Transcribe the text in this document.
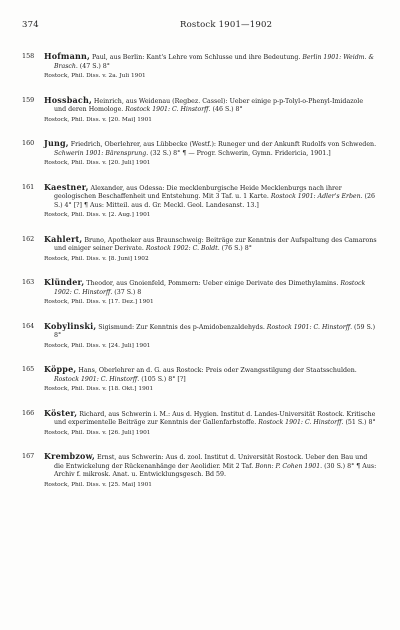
374	Rostock 1901—1902
158	Hofmann, Paul, aus Berlin: Kant's Lehre vom Schlusse und ihre Bedeutung. Berlin 1901: Weidm. & Brasch. (47 S.) 8°
Rostock, Phil. Diss. v. 2a. Juli 1901
159	Hossbach, Heinrich, aus Weidenau (Regbez. Cassel): Ueber einige p-p-Tolyl-o-Phenyl-Imidazole und deren Homologe. Rostock 1901: C. Hinstorff. (46 S.) 8°
Rostock, Phil. Diss. v. [20. Mai] 1901
160	Jung, Friedrich, Oberlehrer, aus Lübbecke (Westf.): Runeger und der Ankunft Rudolfs von Schweden. Schwerin 1901: Bärensprung. (32 S.) 8° ¶ — Progr. Schwerin, Gymn. Fridericia, 1901.]
Rostock, Phil. Diss. v. [20. Juli] 1901
161	Kaestner, Alexander, aus Odessa: Die mecklenburgische Heide Mecklenburgs nach ihrer geologischen Beschaffenheit und Entstehung. Mit 3 Taf. u. 1 Karte. Rostock 1901: Adler's Erben. (26 S.) 4° [?] ¶ Aus: Mitteil. aus d. Gr. Meckl. Geol. Landesanst. 13.]
Rostock, Phil. Diss. v. [2. Aug.] 1901
162	Kahlert, Bruno, Apotheker aus Braunschweig: Beiträge zur Kenntnis der Aufspaltung des Camarons und einiger seiner Derivate. Rostock 1902: C. Boldt. (76 S.) 8°
Rostock, Phil. Diss. v. [8. Juni] 1902
163	Klünder, Theodor, aus Gnoienfeld, Pommern: Ueber einige Derivate des Dimethylamins. Rostock 1902: C. Hinstorff. (37 S.) 8
Rostock, Phil. Diss. v. [17. Dez.] 1901
164	Kobylinski, Sigismund: Zur Kenntnis des p-Amidobenzaldehyds. Rostock 1901: C. Hinstorff. (59 S.) 8°
Rostock, Phil. Diss. v. [24. Juli] 1901
165	Köppe, Hans, Oberlehrer an d. G. aus Rostock: Preis oder Zwangsstilgung der Staatsschulden. Rostock 1901: C. Hinstorff. (105 S.) 8° [?]
Rostock, Phil. Diss. v. [18. Okt.] 1901
166	Köster, Richard, aus Schwerin i. M.: Aus d. Hygien. Institut d. Landes-Universität Rostock. Kritische und experimentelle Beiträge zur Kenntnis der Gallenfarbstoffe. Rostock 1901: C. Hinstorff. (51 S.) 8°
Rostock, Phil. Diss. v. [26. Juli] 1901
167	Krembzow, Ernst, aus Schwerin: Aus d. zool. Institut d. Universität Rostock. Ueber den Bau und die Entwickelung der Rückenanhänge der Aeolidier. Mit 2 Taf. Bonn: P. Cohen 1901. (30 S.) 8° ¶ Aus: Archiv f. mikrosk. Anat. u. Entwicklungsgesch. Bd 59.
Rostock, Phil. Diss. v. [25. Mai] 1901
